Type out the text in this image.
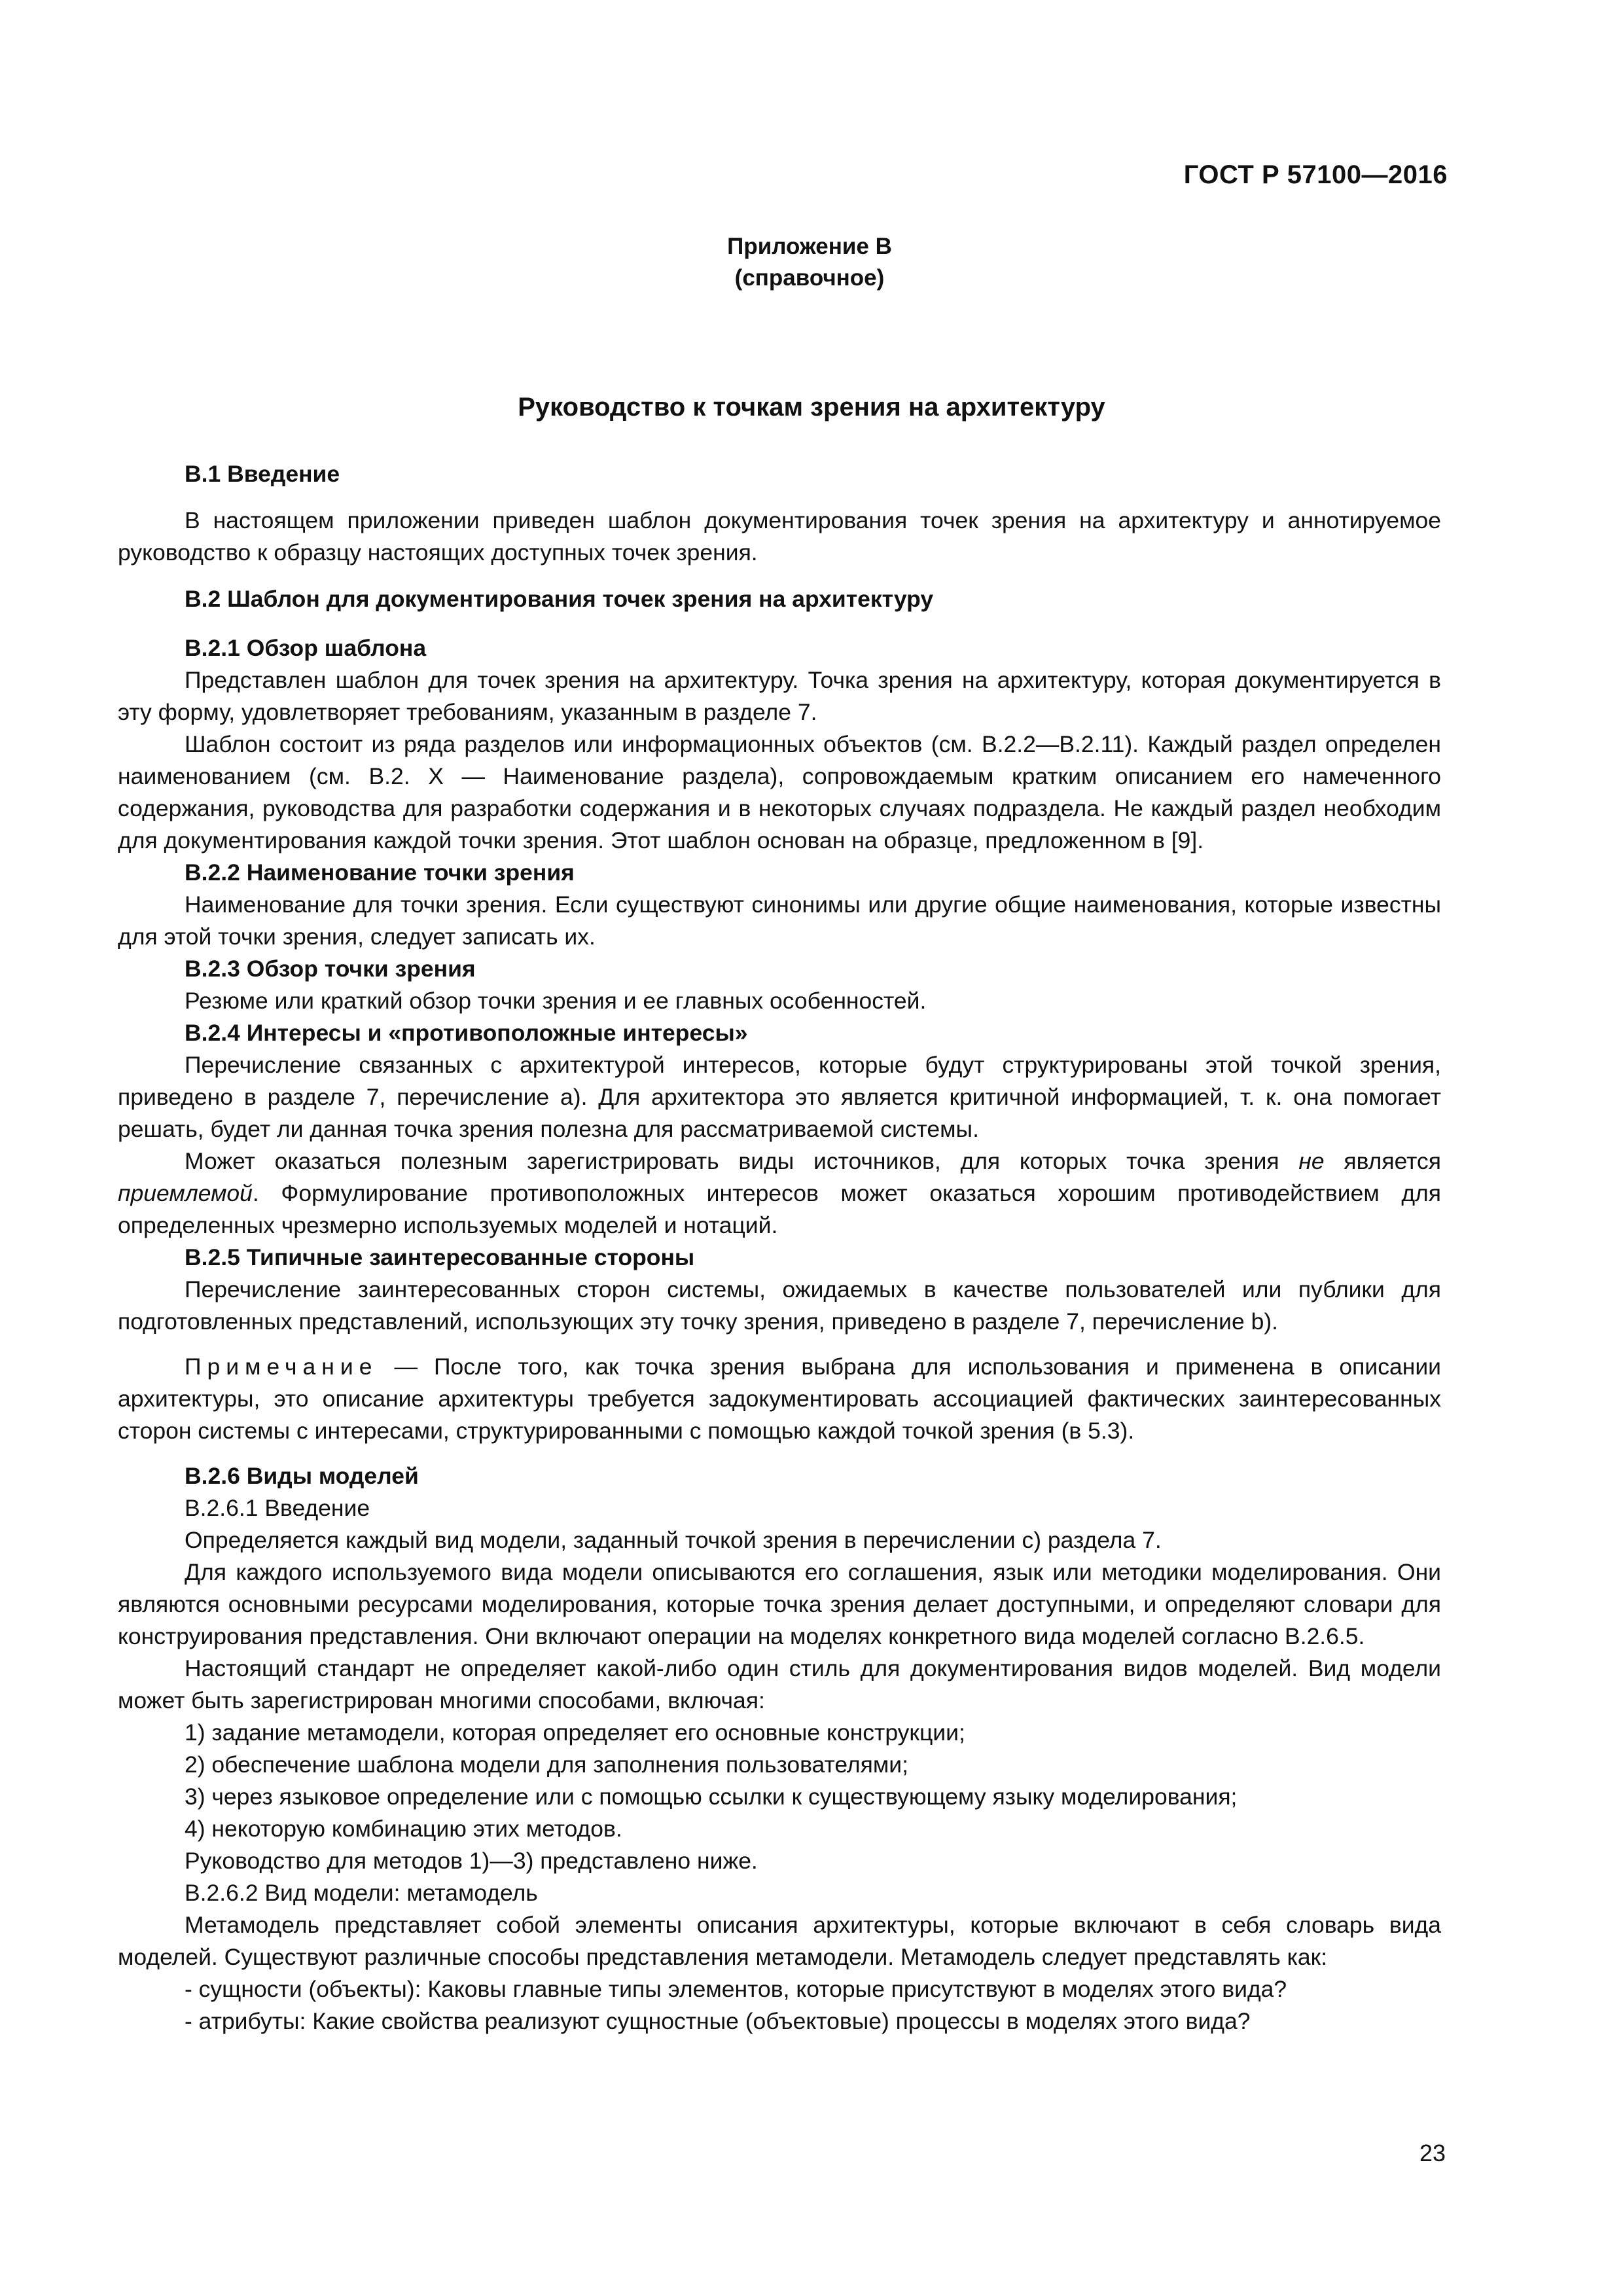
ГОСТ Р 57100—2016
Приложение В
(справочное)
Руководство к точкам зрения на архитектуру

В.1 Введение

В настоящем приложении приведен шаблон документирования точек зрения на архитектуру и аннотируемое руководство к образцу настоящих доступных точек зрения.

В.2 Шаблон для документирования точек зрения на архитектуру

В.2.1 Обзор шаблона

Представлен шаблон для точек зрения на архитектуру. Точка зрения на архитектуру, которая документируется в эту форму, удовлетворяет требованиям, указанным в разделе 7.

Шаблон состоит из ряда разделов или информационных объектов (см. В.2.2—В.2.11). Каждый раздел определен наименованием (см. В.2. X — Наименование раздела), сопровождаемым кратким описанием его намеченного содержания, руководства для разработки содержания и в некоторых случаях подраздела. Не каждый раздел необходим для документирования каждой точки зрения. Этот шаблон основан на образце, предложенном в [9].

В.2.2 Наименование точки зрения

Наименование для точки зрения. Если существуют синонимы или другие общие наименования, которые известны для этой точки зрения, следует записать их.

В.2.3 Обзор точки зрения

Резюме или краткий обзор точки зрения и ее главных особенностей.

В.2.4 Интересы и «противоположные интересы»

Перечисление связанных с архитектурой интересов, которые будут структурированы этой точкой зрения, приведено в разделе 7, перечисление а). Для архитектора это является критичной информацией, т. к. она помогает решать, будет ли данная точка зрения полезна для рассматриваемой системы.

Может оказаться полезным зарегистрировать виды источников, для которых точка зрения не является приемлемой. Формулирование противоположных интересов может оказаться хорошим противодействием для определенных чрезмерно используемых моделей и нотаций.

В.2.5 Типичные заинтересованные стороны

Перечисление заинтересованных сторон системы, ожидаемых в качестве пользователей или публики для подготовленных представлений, использующих эту точку зрения, приведено в разделе 7, перечисление b).

Примечание — После того, как точка зрения выбрана для использования и применена в описании архитектуры, это описание архитектуры требуется задокументировать ассоциацией фактических заинтересованных сторон системы с интересами, структурированными с помощью каждой точкой зрения (в 5.3).

В.2.6 Виды моделей

В.2.6.1 Введение

Определяется каждый вид модели, заданный точкой зрения в перечислении с) раздела 7.

Для каждого используемого вида модели описываются его соглашения, язык или методики моделирования. Они являются основными ресурсами моделирования, которые точка зрения делает доступными, и определяют словари для конструирования представления. Они включают операции на моделях конкретного вида моделей согласно В.2.6.5.

Настоящий стандарт не определяет какой-либо один стиль для документирования видов моделей. Вид модели может быть зарегистрирован многими способами, включая:

1) задание метамодели, которая определяет его основные конструкции;

2) обеспечение шаблона модели для заполнения пользователями;

3) через языковое определение или с помощью ссылки к существующему языку моделирования;

4) некоторую комбинацию этих методов.

Руководство для методов 1)—3) представлено ниже.

В.2.6.2 Вид модели: метамодель

Метамодель представляет собой элементы описания архитектуры, которые включают в себя словарь вида моделей. Существуют различные способы представления метамодели. Метамодель следует представлять как:

- сущности (объекты): Каковы главные типы элементов, которые присутствуют в моделях этого вида?

- атрибуты: Какие свойства реализуют сущностные (объектовые) процессы в моделях этого вида?

23
